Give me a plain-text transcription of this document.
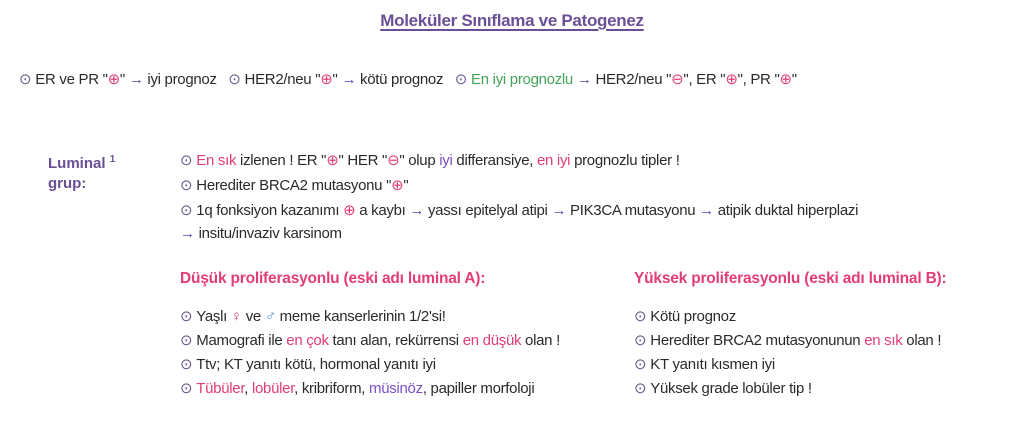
Moleküler Sınıflama ve Patogenez
⊙ ER ve PR "⊕" → iyi prognoz ⊙ HER2/neu "⊕" → kötü prognoz ⊙ En iyi prognozlu → HER2/neu "⊖", ER "⊕", PR "⊕"
Luminal $^1$
grup:
⊙ En sık izlenen ! ER "⊕" HER "⊖" olup iyi differansiye, en iyi prognozlu tipler !
⊙ Herediter BRCA2 mutasyonu "⊕"
⊙ 1q fonksiyon kazanımı ⊕ a kaybı → yassı epitelyal atipi → PIK3CA mutasyonu → atipik duktal hiperplazi
→ insitu/invaziv karsinom
Düşük proliferasyonlu (eski adı luminal A):
⊙ Yaşlı ♀ ve ♂ meme kanserlerinin 1/2'si!
⊙ Mamografi ile en çok tanı alan, rekürrensi en düşük olan !
⊙ Ttv; KT yanıtı kötü, hormonal yanıtı iyi
⊙ Tübüler, lobüler, kribriform, müsinöz, papiller morfoloji
Yüksek proliferasyonlu (eski adı luminal B):
⊙ Kötü prognoz
⊙ Herediter BRCA2 mutasyonunun en sık olan !
⊙ KT yanıtı kısmen iyi
⊙ Yüksek grade lobüler tip !
